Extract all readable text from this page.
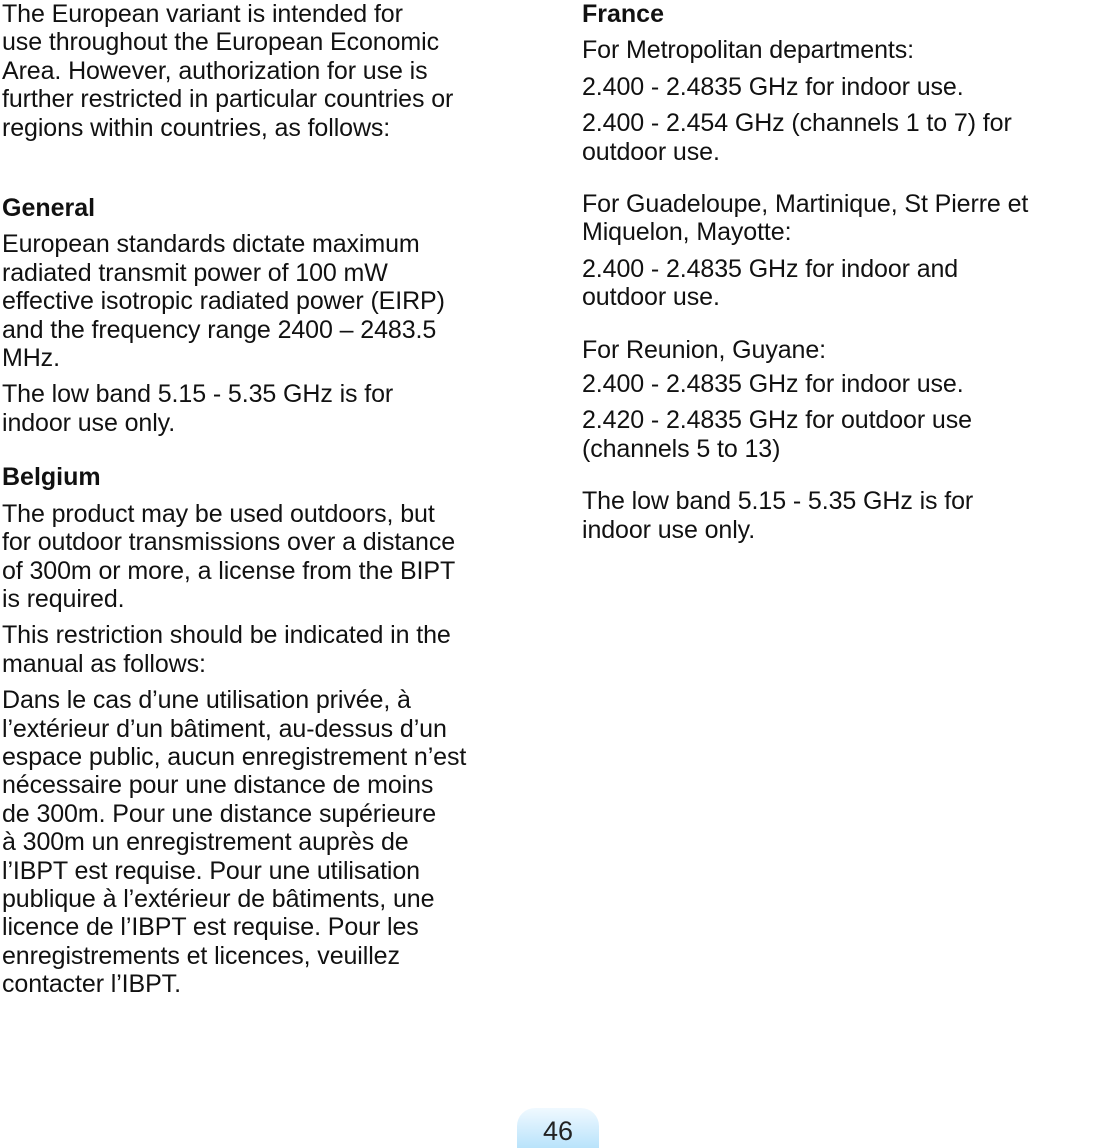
The European variant is intended for
use throughout the European Economic
Area. However, authorization for use is
further restricted in particular countries or
regions within countries, as follows:

General

European standards dictate maximum
radiated transmit power of 100 mW
effective isotropic radiated power (EIRP)
and the frequency range 2400 – 2483.5
MHz.

The low band 5.15 - 5.35 GHz is for
indoor use only.

Belgium

The product may be used outdoors, but
for outdoor transmissions over a distance
of 300m or more, a license from the BIPT
is required.

This restriction should be indicated in the
manual as follows:

Dans le cas d’une utilisation privée, à
l’extérieur d’un bâtiment, au-dessus d’un
espace public, aucun enregistrement n’est
nécessaire pour une distance de moins
de 300m. Pour une distance supérieure
à 300m un enregistrement auprès de
l’IBPT est requise. Pour une utilisation
publique à l’extérieur de bâtiments, une
licence de l’IBPT est requise. Pour les
enregistrements et licences, veuillez
contacter l’IBPT.

France

For Metropolitan departments:

2.400 - 2.4835 GHz for indoor use.

2.400 - 2.454 GHz (channels 1 to 7) for
outdoor use.

For Guadeloupe, Martinique, St Pierre et
Miquelon, Mayotte:

2.400 - 2.4835 GHz for indoor and
outdoor use.

For Reunion, Guyane:

2.400 - 2.4835 GHz for indoor use.

2.420 - 2.4835 GHz for outdoor use
(channels 5 to 13)

The low band 5.15 - 5.35 GHz is for
indoor use only.

46
